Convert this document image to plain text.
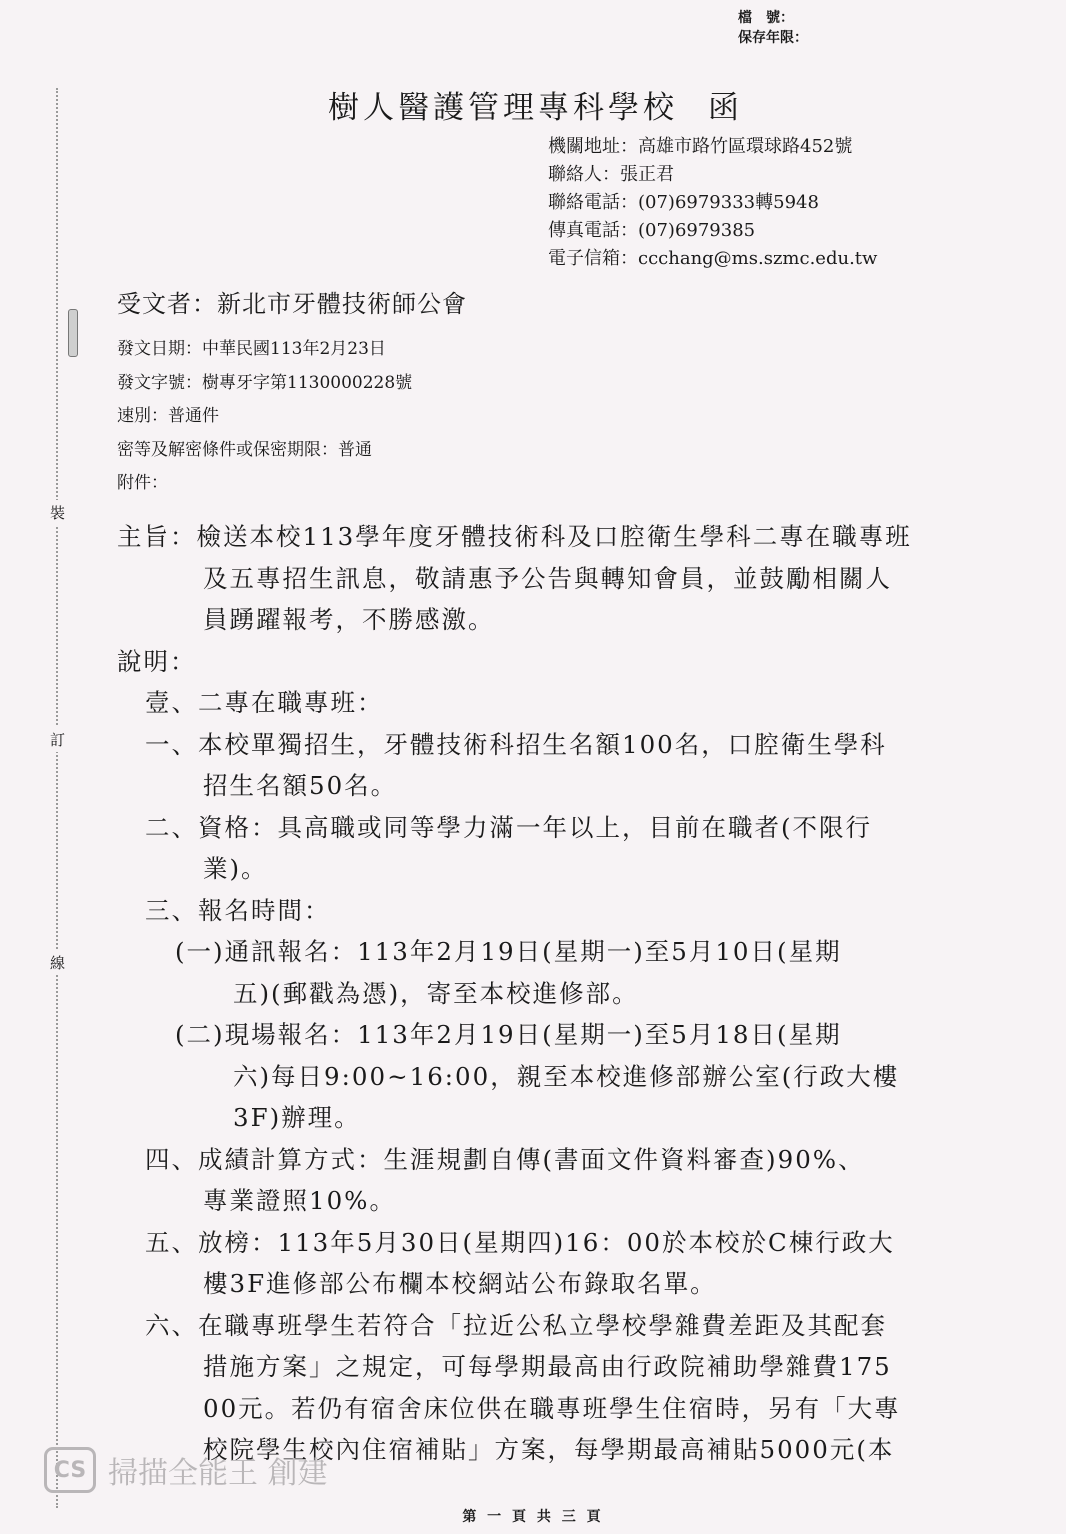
檔　號：
保存年限：
樹人醫護管理專科學校 函
機關地址：高雄市路竹區環球路452號
聯絡人：張正君
聯絡電話：(07)6979333轉5948
傳真電話：(07)6979385
電子信箱：ccchang@ms.szmc.edu.tw
裝
訂
線
受文者：新北市牙體技術師公會
發文日期：中華民國113年2月23日
發文字號：樹專牙字第1130000228號
速別：普通件
密等及解密條件或保密期限：普通
附件：
主旨：檢送本校113學年度牙體技術科及口腔衛生學科二專在職專班
及五專招生訊息，敬請惠予公告與轉知會員，並鼓勵相關人
員踴躍報考，不勝感激。
說明：
壹、二專在職專班：
一、本校單獨招生，牙體技術科招生名額100名，口腔衛生學科
招生名額50名。
二、資格：具高職或同等學力滿一年以上，目前在職者(不限行
業)。
三、報名時間：
(一)通訊報名：113年2月19日(星期一)至5月10日(星期
五)(郵戳為憑)，寄至本校進修部。
(二)現場報名：113年2月19日(星期一)至5月18日(星期
六)每日9:00~16:00，親至本校進修部辦公室(行政大樓
3F)辦理。
四、成績計算方式：生涯規劃自傳(書面文件資料審查)90%、
專業證照10%。
五、放榜：113年5月30日(星期四)16：00於本校於C棟行政大
樓3F進修部公布欄本校網站公布錄取名單。
六、在職專班學生若符合「拉近公私立學校學雜費差距及其配套
措施方案」之規定，可每學期最高由行政院補助學雜費175
00元。若仍有宿舍床位供在職專班學生住宿時，另有「大專
校院學生校內住宿補貼」方案，每學期最高補貼5000元(本
CS 掃描全能王 創建
第 一 頁 共 三 頁
